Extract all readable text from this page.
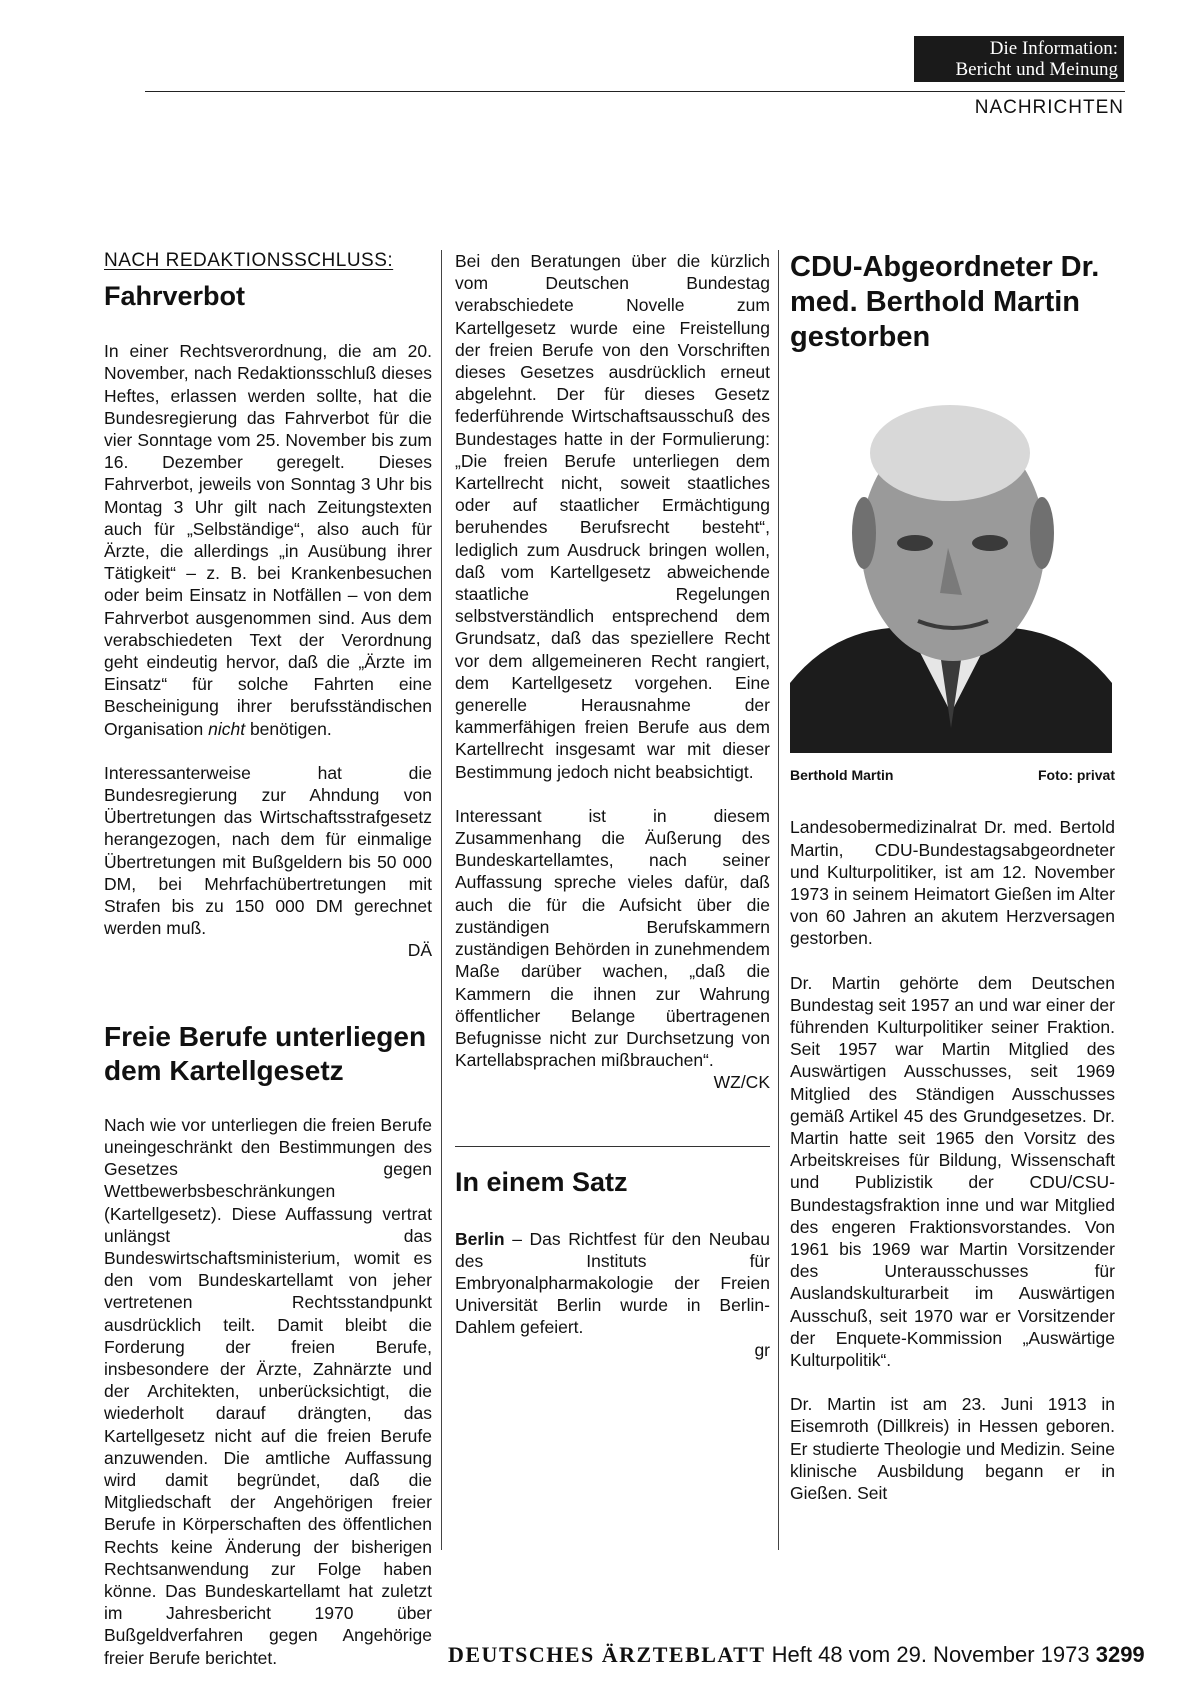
Die Information:
Bericht und Meinung
NACHRICHTEN
NACH REDAKTIONSSCHLUSS:
Fahrverbot

In einer Rechtsverordnung, die am 20. November, nach Redaktionsschluß dieses Heftes, erlassen werden sollte, hat die Bundesregierung das Fahrverbot für die vier Sonntage vom 25. November bis zum 16. Dezember geregelt. Dieses Fahrverbot, jeweils von Sonntag 3 Uhr bis Montag 3 Uhr gilt nach Zeitungstexten auch für „Selbständige“, also auch für Ärzte, die allerdings „in Ausübung ihrer Tätigkeit“ – z. B. bei Krankenbesuchen oder beim Einsatz in Notfällen – von dem Fahrverbot ausgenommen sind. Aus dem verabschiedeten Text der Verordnung geht eindeutig hervor, daß die „Ärzte im Einsatz“ für solche Fahrten eine Bescheinigung ihrer berufsständischen Organisation nicht benötigen.

Interessanterweise hat die Bundesregierung zur Ahndung von Übertretungen das Wirtschaftsstrafgesetz herangezogen, nach dem für einmalige Übertretungen mit Bußgeldern bis 50 000 DM, bei Mehrfachübertretungen mit Strafen bis zu 150 000 DM gerechnet werden muß.

DÄ
Freie Berufe unterliegen dem Kartellgesetz

Nach wie vor unterliegen die freien Berufe uneingeschränkt den Bestimmungen des Gesetzes gegen Wettbewerbsbeschränkungen (Kartellgesetz). Diese Auffassung vertrat unlängst das Bundeswirtschaftsministerium, womit es den vom Bundeskartellamt von jeher vertretenen Rechtsstandpunkt ausdrücklich teilt. Damit bleibt die Forderung der freien Berufe, insbesondere der Ärzte, Zahnärzte und der Architekten, unberücksichtigt, die wiederholt darauf drängten, das Kartellgesetz nicht auf die freien Berufe anzuwenden. Die amtliche Auffassung wird damit begründet, daß die Mitgliedschaft der Angehörigen freier Berufe in Körperschaften des öffentlichen Rechts keine Änderung der bisherigen Rechtsanwendung zur Folge haben könne. Das Bundeskartellamt hat zuletzt im Jahresbericht 1970 über Bußgeldverfahren gegen Angehörige freier Berufe berichtet.

Bei den Beratungen über die kürzlich vom Deutschen Bundestag verabschiedete Novelle zum Kartellgesetz wurde eine Freistellung der freien Berufe von den Vorschriften dieses Gesetzes ausdrücklich erneut abgelehnt. Der für dieses Gesetz federführende Wirtschaftsausschuß des Bundestages hatte in der Formulierung: „Die freien Berufe unterliegen dem Kartellrecht nicht, soweit staatliches oder auf staatlicher Ermächtigung beruhendes Berufsrecht besteht“, lediglich zum Ausdruck bringen wollen, daß vom Kartellgesetz abweichende staatliche Regelungen selbstverständlich entsprechend dem Grundsatz, daß das speziellere Recht vor dem allgemeineren Recht rangiert, dem Kartellgesetz vorgehen. Eine generelle Herausnahme der kammerfähigen freien Berufe aus dem Kartellrecht insgesamt war mit dieser Bestimmung jedoch nicht beabsichtigt.

Interessant ist in diesem Zusammenhang die Äußerung des Bundeskartellamtes, nach seiner Auffassung spreche vieles dafür, daß auch die für die Aufsicht über die zuständigen Berufskammern zuständigen Behörden in zunehmendem Maße darüber wachen, „daß die Kammern die ihnen zur Wahrung öffentlicher Belange übertragenen Befugnisse nicht zur Durchsetzung von Kartellabsprachen mißbrauchen“.

WZ/CK
In einem Satz

Berlin – Das Richtfest für den Neubau des Instituts für Embryonalpharmakologie der Freien Universität Berlin wurde in Berlin-Dahlem gefeiert.

gr
CDU-Abgeordneter Dr. med. Berthold Martin gestorben
Berthold Martin	Foto: privat

Landesobermedizinalrat Dr. med. Bertold Martin, CDU-Bundestagsabgeordneter und Kulturpolitiker, ist am 12. November 1973 in seinem Heimatort Gießen im Alter von 60 Jahren an akutem Herzversagen gestorben.

Dr. Martin gehörte dem Deutschen Bundestag seit 1957 an und war einer der führenden Kulturpolitiker seiner Fraktion. Seit 1957 war Martin Mitglied des Auswärtigen Ausschusses, seit 1969 Mitglied des Ständigen Ausschusses gemäß Artikel 45 des Grundgesetzes. Dr. Martin hatte seit 1965 den Vorsitz des Arbeitskreises für Bildung, Wissenschaft und Publizistik der CDU/CSU-Bundestagsfraktion inne und war Mitglied des engeren Fraktionsvorstandes. Von 1961 bis 1969 war Martin Vorsitzender des Unterausschusses für Auslandskulturarbeit im Auswärtigen Ausschuß, seit 1970 war er Vorsitzender der Enquete-Kommission „Auswärtige Kulturpolitik“.

Dr. Martin ist am 23. Juni 1913 in Eisemroth (Dillkreis) in Hessen geboren. Er studierte Theologie und Medizin. Seine klinische Ausbildung begann er in Gießen. Seit

DEUTSCHES ÄRZTEBLATT Heft 48 vom 29. November 1973 3299
